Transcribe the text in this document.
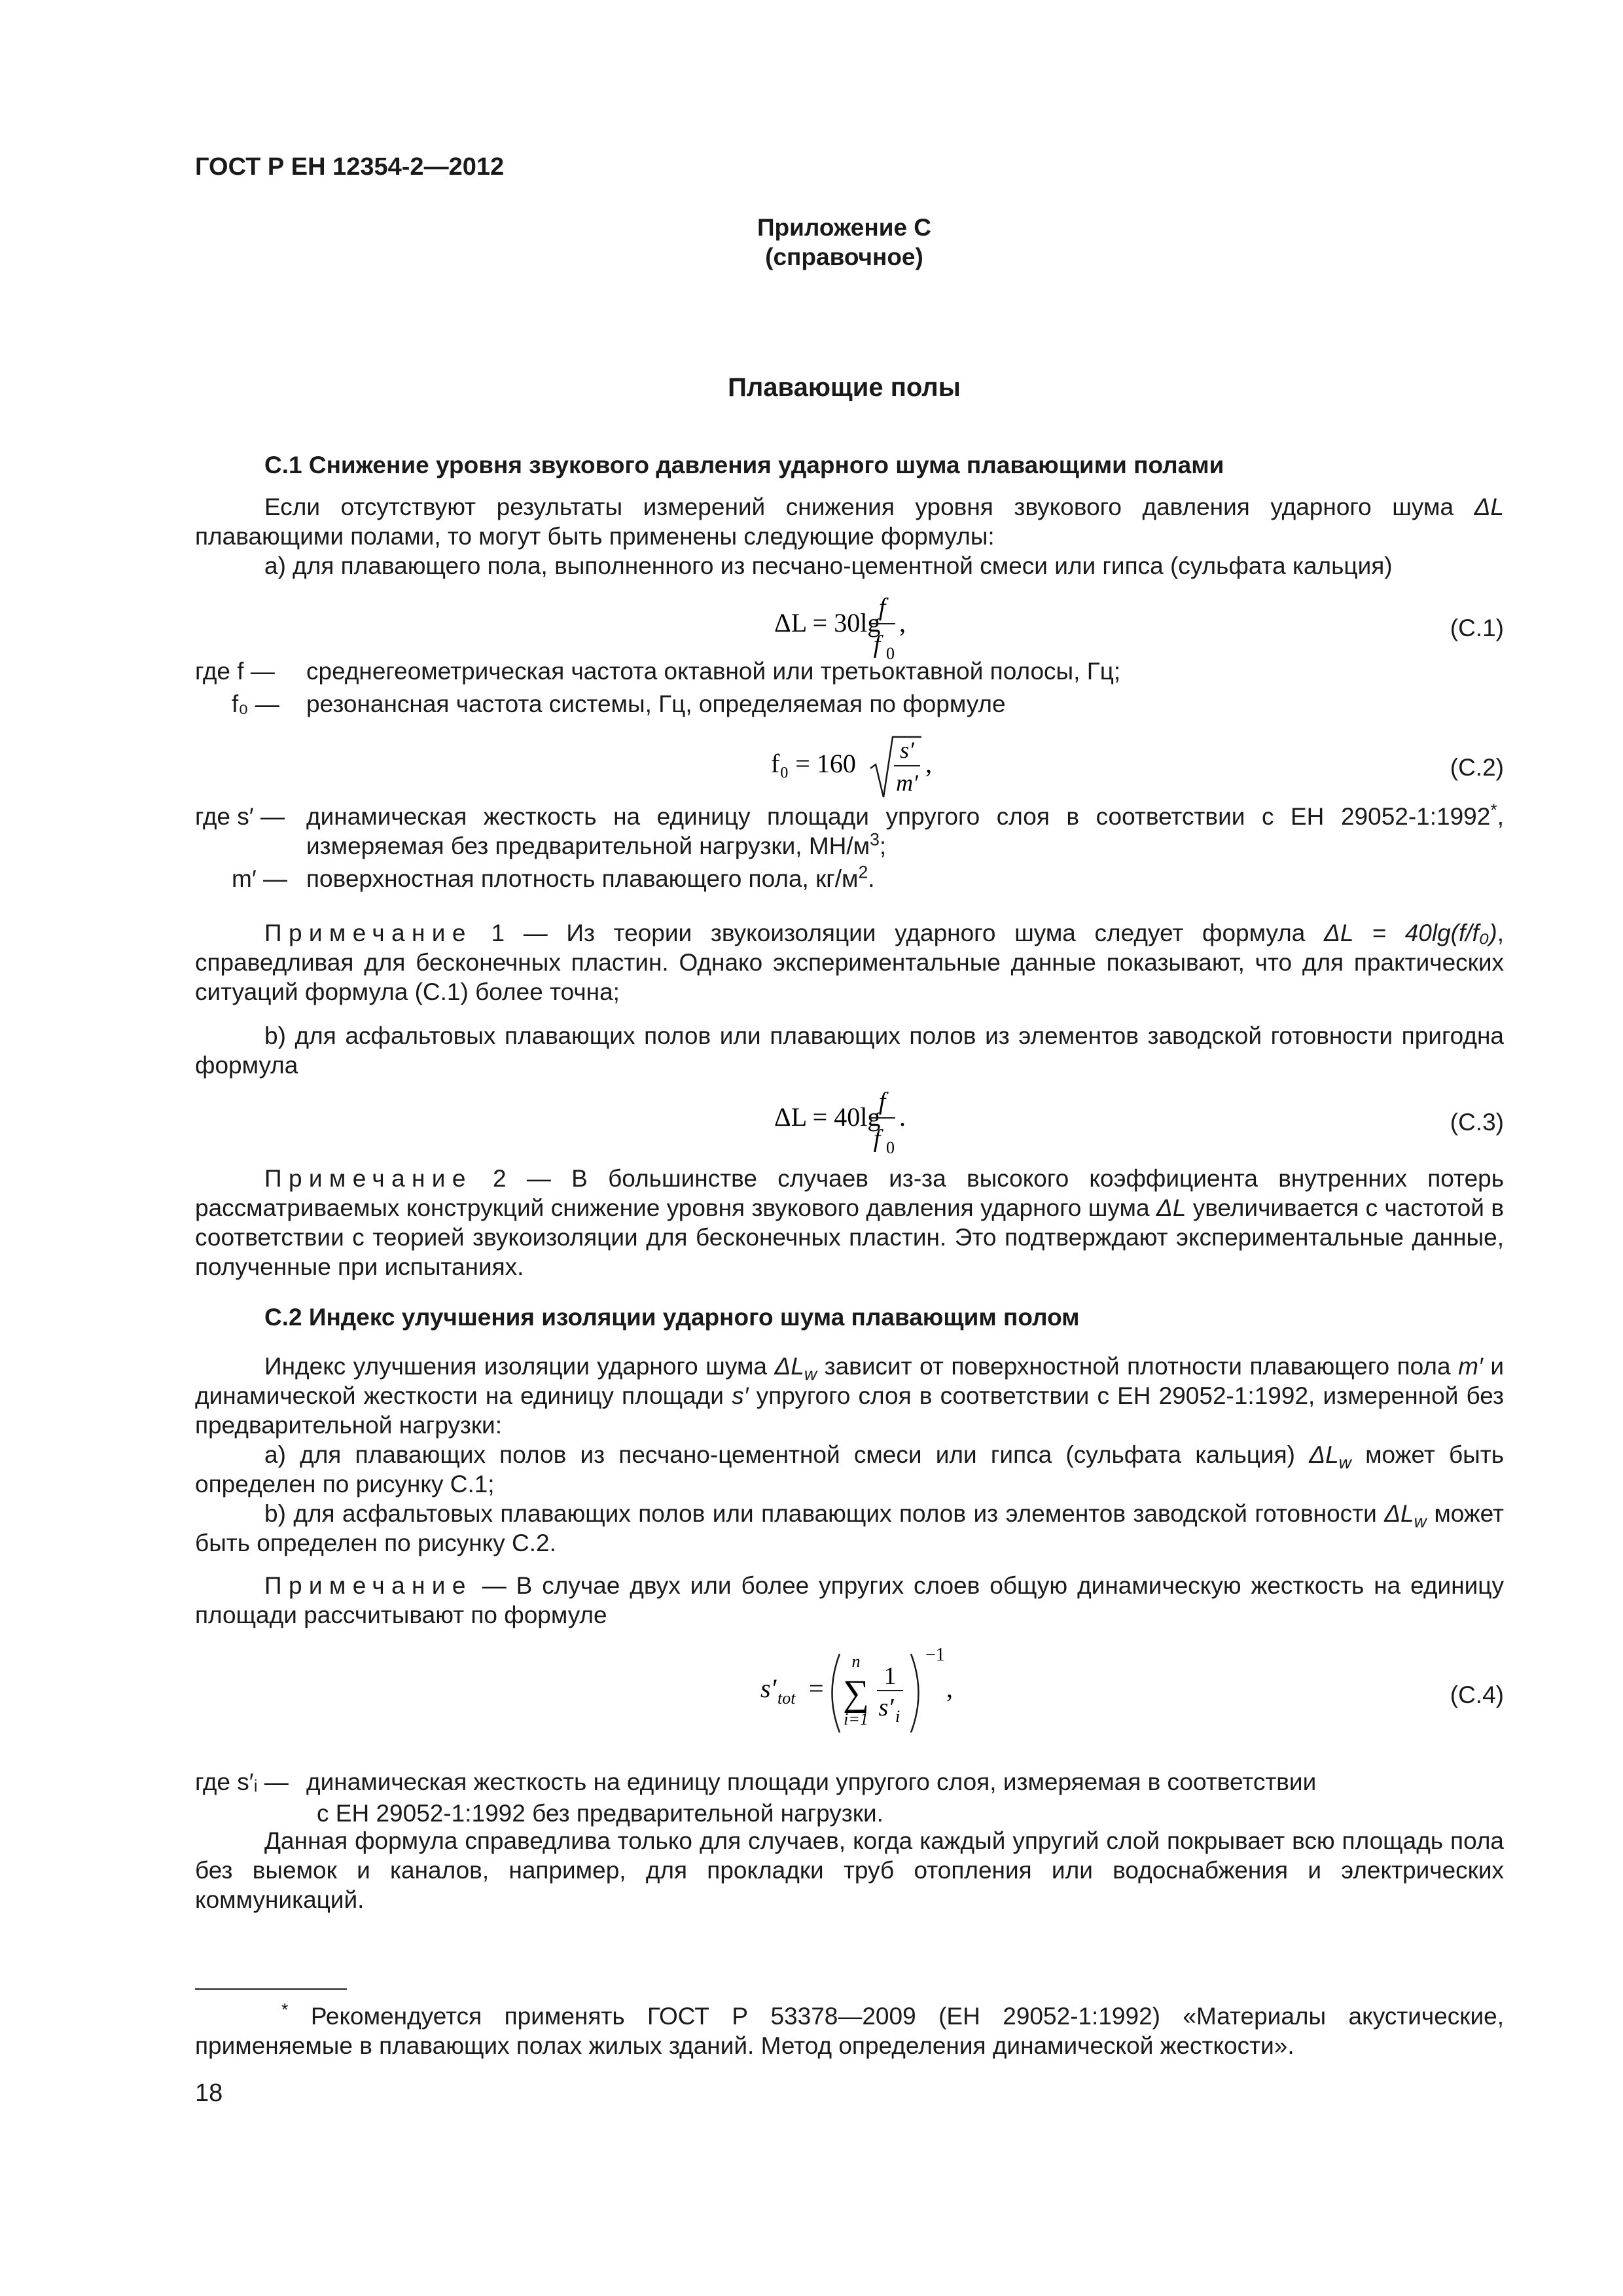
ГОСТ Р ЕН 12354-2—2012
Приложение С
(справочное)
Плавающие полы
С.1 Снижение уровня звукового давления ударного шума плавающими полами
Если отсутствуют результаты измерений снижения уровня звукового давления ударного шума ΔL плавающими полами, то могут быть применены следующие формулы:
a) для плавающего пола, выполненного из песчано-цементной смеси или гипса (сульфата кальция)
ΔL = 30lg
f
f 0
,	(С.1)
где f — среднегеометрическая частота октавной или третьоктавной полосы, Гц;
f₀ — резонансная частота системы, Гц, определяемая по формуле
f₀ = 160 s′
m′
,	(С.2)
где s′ — динамическая жесткость на единицу площади упругого слоя в соответствии с ЕН 29052-1:1992*, измеряемая без предварительной нагрузки, $МН/м^3$;
m′ — поверхностная плотность плавающего пола, $кг/м^2$.
Примечание 1 — Из теории звукоизоляции ударного шума следует формула ΔL = 40lg(f/f₀), справедливая для бесконечных пластин. Однако экспериментальные данные показывают, что для практических ситуаций формула (С.1) более точна;
b) для асфальтовых плавающих полов или плавающих полов из элементов заводской готовности пригодна формула
ΔL = 40lg
f
f 0
.	(С.3)
Примечание 2 — В большинстве случаев из-за высокого коэффициента внутренних потерь рассматриваемых конструкций снижение уровня звукового давления ударного шума ΔL увеличивается с частотой в соответствии с теорией звукоизоляции для бесконечных пластин. Это подтверждают экспериментальные данные, полученные при испытаниях.
С.2 Индекс улучшения изоляции ударного шума плавающим полом
Индекс улучшения изоляции ударного шума $\Delta L_w$ зависит от поверхностной плотности плавающего пола m′ и динамической жесткости на единицу площади s′ упругого слоя в соответствии с ЕН 29052-1:1992, измеренной без предварительной нагрузки:
a) для плавающих полов из песчано-цементной смеси или гипса (сульфата кальция) $\Delta L_w$ может быть определен по рисунку С.1;
b) для асфальтовых плавающих полов или плавающих полов из элементов заводской готовности $\Delta L_w$ может быть определен по рисунку С.2.
Примечание — В случае двух или более упругих слоев общую динамическую жесткость на единицу площади рассчитывают по формуле
s′ tot =
n
∑
i=1
1
s′ i
−1
,	(С.4)
где s′ᵢ — динамическая жесткость на единицу площади упругого слоя, измеряемая в соответствии
с ЕН 29052-1:1992 без предварительной нагрузки.
Данная формула справедлива только для случаев, когда каждый упругий слой покрывает всю площадь пола без выемок и каналов, например, для прокладки труб отопления или водоснабжения и электрических коммуникаций.
* Рекомендуется применять ГОСТ Р 53378—2009 (ЕН 29052-1:1992) «Материалы акустические, применяемые в плавающих полах жилых зданий. Метод определения динамической жесткости».
18
